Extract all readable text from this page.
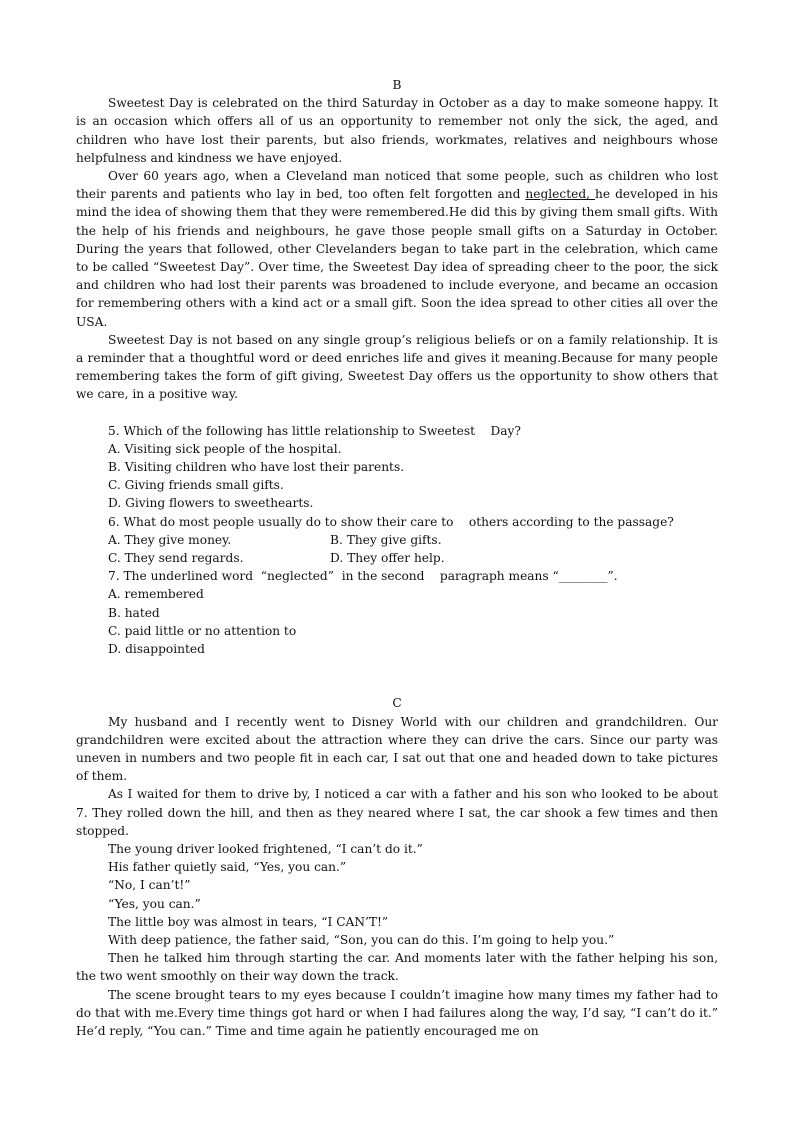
B

Sweetest Day is celebrated on the third Saturday in October as a day to make someone happy. It is an occasion which offers all of us an opportunity to remember not only the sick, the aged, and children who have lost their parents, but also friends, workmates, relatives and neighbours whose helpfulness and kindness we have enjoyed.

Over 60 years ago, when a Cleveland man noticed that some people, such as children who lost their parents and patients who lay in bed, too often felt forgotten and neglected, he developed in his mind the idea of showing them that they were remembered.He did this by giving them small gifts. With the help of his friends and neighbours, he gave those people small gifts on a Saturday in October. During the years that followed, other Clevelanders began to take part in the celebration, which came to be called “Sweetest Day”. Over time, the Sweetest Day idea of spreading cheer to the poor, the sick and children who had lost their parents was broadened to include everyone, and became an occasion for remembering others with a kind act or a small gift. Soon the idea spread to other cities all over the USA.

Sweetest Day is not based on any single group’s religious beliefs or on a family relationship. It is a reminder that a thoughtful word or deed enriches life and gives it meaning.Because for many people remembering takes the form of gift giving, Sweetest Day offers us the opportunity to show others that we care, in a positive way.

5. Which of the following has little relationship to Sweetest    Day?

A. Visiting sick people of the hospital.

B. Visiting children who have lost their parents.

C. Giving friends small gifts.

D. Giving flowers to sweethearts.

6. What do most people usually do to show their care to    others according to the passage?

A. They give money.	B. They give gifts.
C. They send regards.	D. They offer help.

7. The underlined word  “neglected”  in the second    paragraph means “________”.

A. remembered

B. hated

C. paid little or no attention to

D. disappointed

C

My husband and I recently went to Disney World with our children and grandchildren. Our grandchildren were excited about the attraction where they can drive the cars. Since our party was uneven in numbers and two people fit in each car, I sat out that one and headed down to take pictures of them.

As I waited for them to drive by, I noticed a car with a father and his son who looked to be about 7. They rolled down the hill, and then as they neared where I sat, the car shook a few times and then stopped.

The young driver looked frightened, “I can’t do it.”

His father quietly said, “Yes, you can.”

“No, I can’t!”

“Yes, you can.”

The little boy was almost in tears, “I CAN’T!”

With deep patience, the father said, “Son, you can do this. I’m going to help you.”

Then he talked him through starting the car. And moments later with the father helping his son, the two went smoothly on their way down the track.

The scene brought tears to my eyes because I couldn’t imagine how many times my father had to do that with me.Every time things got hard or when I had failures along the way, I’d say, “I can’t do it.” He’d reply, “You can.” Time and time again he patiently encouraged me on
